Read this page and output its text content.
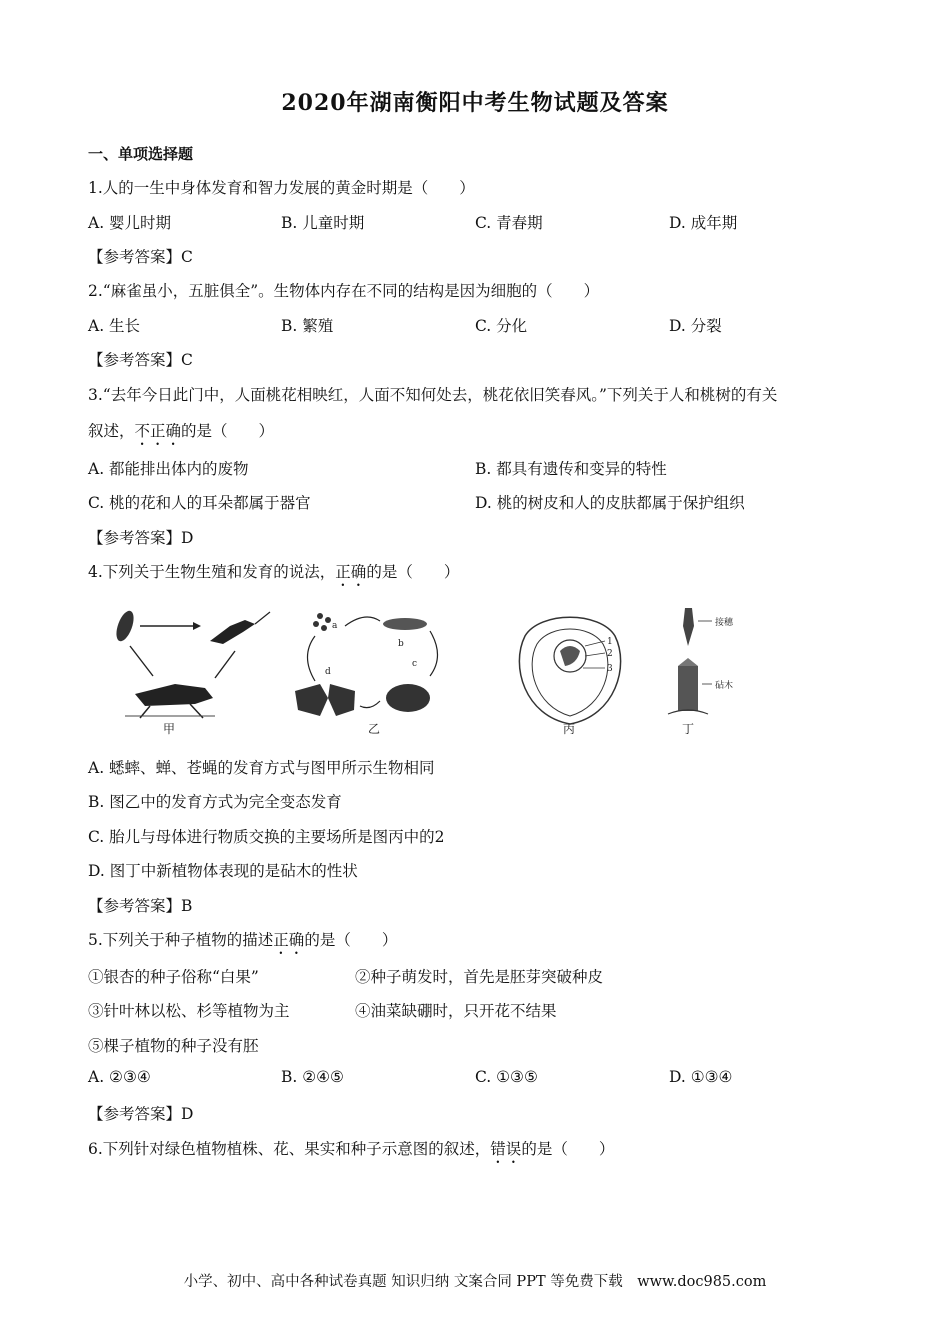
2020年湖南衡阳中考生物试题及答案
一、单项选择题
1.人的一生中身体发育和智力发展的黄金时期是（　　）
A. 婴儿时期	B. 儿童时期	C. 青春期	D. 成年期
【参考答案】C
2.“麻雀虽小，五脏俱全”。生物体内存在不同的结构是因为细胞的（　　）
A. 生长	B. 繁殖	C. 分化	D. 分裂
【参考答案】C
3.“去年今日此门中，人面桃花相映红，人面不知何处去，桃花依旧笑春风。”下列关于人和桃树的有关
叙述，不正确的是（　　）
A. 都能排出体内的废物	B. 都具有遗传和变异的特性
C. 桃的花和人的耳朵都属于器官	D. 桃的树皮和人的皮肤都属于保护组织
【参考答案】D
4.下列关于生物生殖和发育的说法，正确的是（　　）
甲
a
b
c
d
乙
1
2
3
丙
接穗
砧木
丁
A. 蟋蟀、蝉、苍蝇的发育方式与图甲所示生物相同
B. 图乙中的发育方式为完全变态发育
C. 胎儿与母体进行物质交换的主要场所是图丙中的2
D. 图丁中新植物体表现的是砧木的性状
【参考答案】B
5.下列关于种子植物的描述正确的是（　　）
①银杏的种子俗称“白果”	②种子萌发时，首先是胚芽突破种皮
③针叶林以松、杉等植物为主	④油菜缺硼时，只开花不结果
⑤棵子植物的种子没有胚
A. ②③④	B. ②④⑤	C. ①③⑤	D. ①③④
【参考答案】D
6.下列针对绿色植物植株、花、果实和种子示意图的叙述，错误的是（　　）
小学、初中、高中各种试卷真题 知识归纳 文案合同 PPT 等免费下载　www.doc985.com
